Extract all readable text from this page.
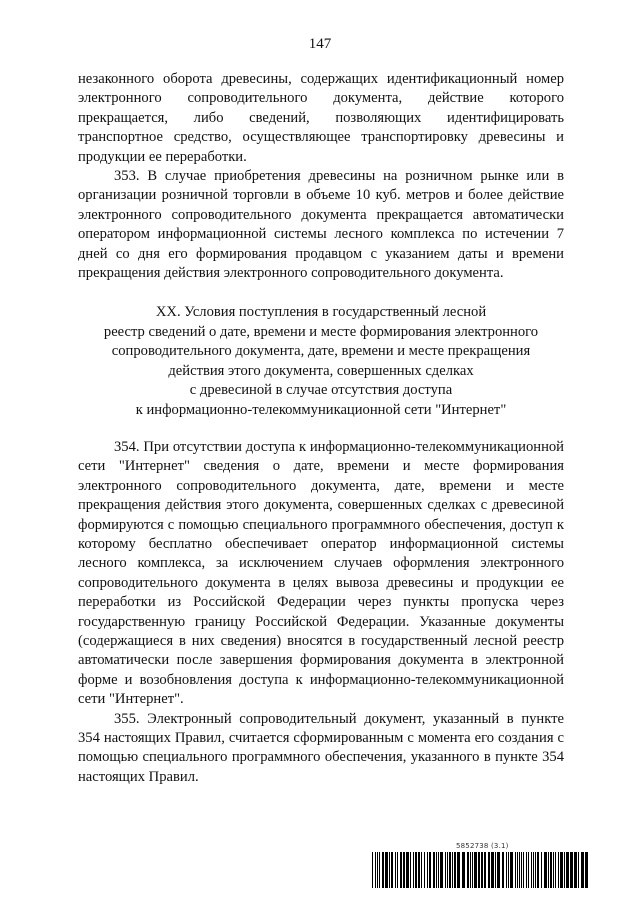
147

незаконного оборота древесины, содержащих идентификационный номер электронного сопроводительного документа, действие которого прекращается, либо сведений, позволяющих идентифицировать транспортное средство, осуществляющее транспортировку древесины и продукции ее переработки.

353. В случае приобретения древесины на розничном рынке или в организации розничной торговли в объеме 10 куб. метров и более действие электронного сопроводительного документа прекращается автоматически оператором информационной системы лесного комплекса по истечении 7 дней со дня его формирования продавцом с указанием даты и времени прекращения действия электронного сопроводительного документа.

XX. Условия поступления в государственный лесной
реестр сведений о дате, времени и месте формирования электронного
сопроводительного документа, дате, времени и месте прекращения
действия этого документа, совершенных сделках
с древесиной в случае отсутствия доступа
к информационно-телекоммуникационной сети "Интернет"

354. При отсутствии доступа к информационно-телекоммуникационной сети "Интернет" сведения о дате, времени и месте формирования электронного сопроводительного документа, дате, времени и месте прекращения действия этого документа, совершенных сделках с древесиной формируются с помощью специального программного обеспечения, доступ к которому бесплатно обеспечивает оператор информационной системы лесного комплекса, за исключением случаев оформления электронного сопроводительного документа в целях вывоза древесины и продукции ее переработки из Российской Федерации через пункты пропуска через государственную границу Российской Федерации. Указанные документы (содержащиеся в них сведения) вносятся в государственный лесной реестр автоматически после завершения формирования документа в электронной форме и возобновления доступа к информационно-телекоммуникационной сети "Интернет".

355. Электронный сопроводительный документ, указанный в пункте 354 настоящих Правил, считается сформированным с момента его создания с помощью специального программного обеспечения, указанного в пункте 354 настоящих Правил.

5852738 (3.1)
